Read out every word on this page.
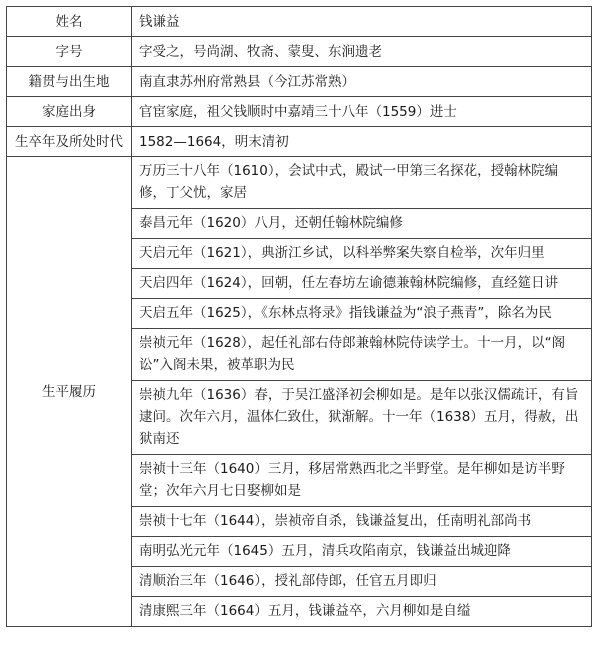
姓名	钱谦益
字号	字受之，号尚湖、牧斋、蒙叟、东涧遗老
籍贯与出生地	南直隶苏州府常熟县（今江苏常熟）
家庭出身	官宦家庭，祖父钱顺时中嘉靖三十八年（1559）进士
生卒年及所处时代	1582—1664，明末清初
生平履历	万历三十八年（1610），会试中式，殿试一甲第三名探花，授翰林院编修，丁父忧，家居
	泰昌元年（1620）八月，还朝任翰林院编修
	天启元年（1621），典浙江乡试，以科举弊案失察自检举，次年归里
	天启四年（1624），回朝，任左春坊左谕德兼翰林院编修，直经筵日讲
	天启五年（1625），《东林点将录》指钱谦益为“浪子燕青”，除名为民
	崇祯元年（1628），起任礼部右侍郎兼翰林院侍读学士。十一月，以“阁讼”入阁未果，被革职为民
	崇祯九年（1636）春，于吴江盛泽初会柳如是。是年以张汉儒疏讦，有旨逮问。次年六月，温体仁致仕，狱渐解。十一年（1638）五月，得赦，出狱南还
	崇祯十三年（1640）三月，移居常熟西北之半野堂。是年柳如是访半野堂；次年六月七日娶柳如是
	崇祯十七年（1644），崇祯帝自杀，钱谦益复出，任南明礼部尚书
	南明弘光元年（1645）五月，清兵攻陷南京，钱谦益出城迎降
	清顺治三年（1646），授礼部侍郎，任官五月即归
	清康熙三年（1664）五月，钱谦益卒，六月柳如是自缢
